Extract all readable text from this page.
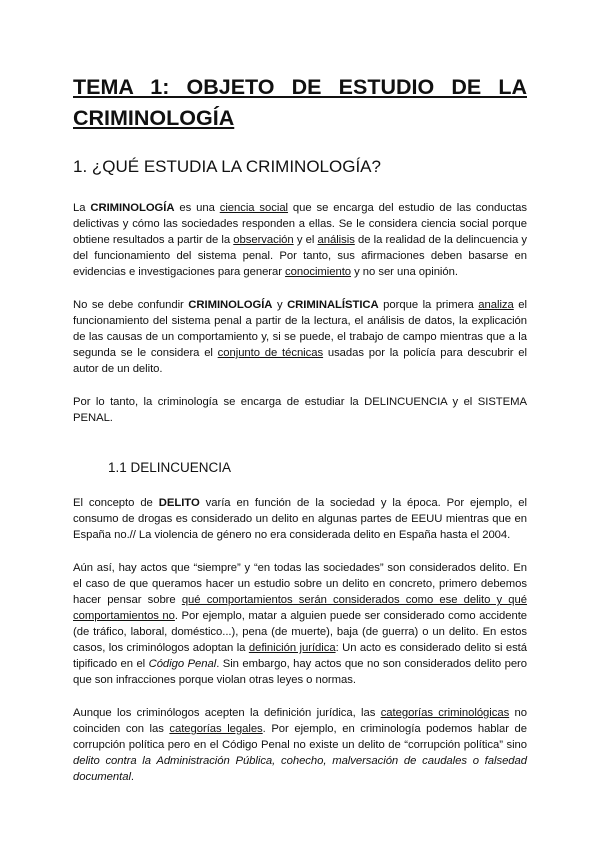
TEMA 1: OBJETO DE ESTUDIO DE LA CRIMINOLOGÍA
1. ¿QUÉ ESTUDIA LA CRIMINOLOGÍA?

La CRIMINOLOGÍA es una ciencia social que se encarga del estudio de las conductas delictivas y cómo las sociedades responden a ellas. Se le considera ciencia social porque obtiene resultados a partir de la observación y el análisis de la realidad de la delincuencia y del funcionamiento del sistema penal. Por tanto, sus afirmaciones deben basarse en evidencias e investigaciones para generar conocimiento y no ser una opinión.

No se debe confundir CRIMINOLOGÍA y CRIMINALÍSTICA porque la primera analiza el funcionamiento del sistema penal a partir de la lectura, el análisis de datos, la explicación de las causas de un comportamiento y, si se puede, el trabajo de campo mientras que a la segunda se le considera el conjunto de técnicas usadas por la policía para descubrir el autor de un delito.

Por lo tanto, la criminología se encarga de estudiar la DELINCUENCIA y el SISTEMA PENAL.

1.1 DELINCUENCIA

El concepto de DELITO varía en función de la sociedad y la época. Por ejemplo, el consumo de drogas es considerado un delito en algunas partes de EEUU mientras que en España no.// La violencia de género no era considerada delito en España hasta el 2004.

Aún así, hay actos que “siempre” y “en todas las sociedades” son considerados delito. En el caso de que queramos hacer un estudio sobre un delito en concreto, primero debemos hacer pensar sobre qué comportamientos serán considerados como ese delito y qué comportamientos no. Por ejemplo, matar a alguien puede ser considerado como accidente (de tráfico, laboral, doméstico...), pena (de muerte), baja (de guerra) o un delito. En estos casos, los criminólogos adoptan la definición jurídica: Un acto es considerado delito si está tipificado en el Código Penal. Sin embargo, hay actos que no son considerados delito pero que son infracciones porque violan otras leyes o normas.

Aunque los criminólogos acepten la definición jurídica, las categorías criminológicas no coinciden con las categorías legales. Por ejemplo, en criminología podemos hablar de corrupción política pero en el Código Penal no existe un delito de “corrupción política” sino delito contra la Administración Pública, cohecho, malversación de caudales o falsedad documental.
